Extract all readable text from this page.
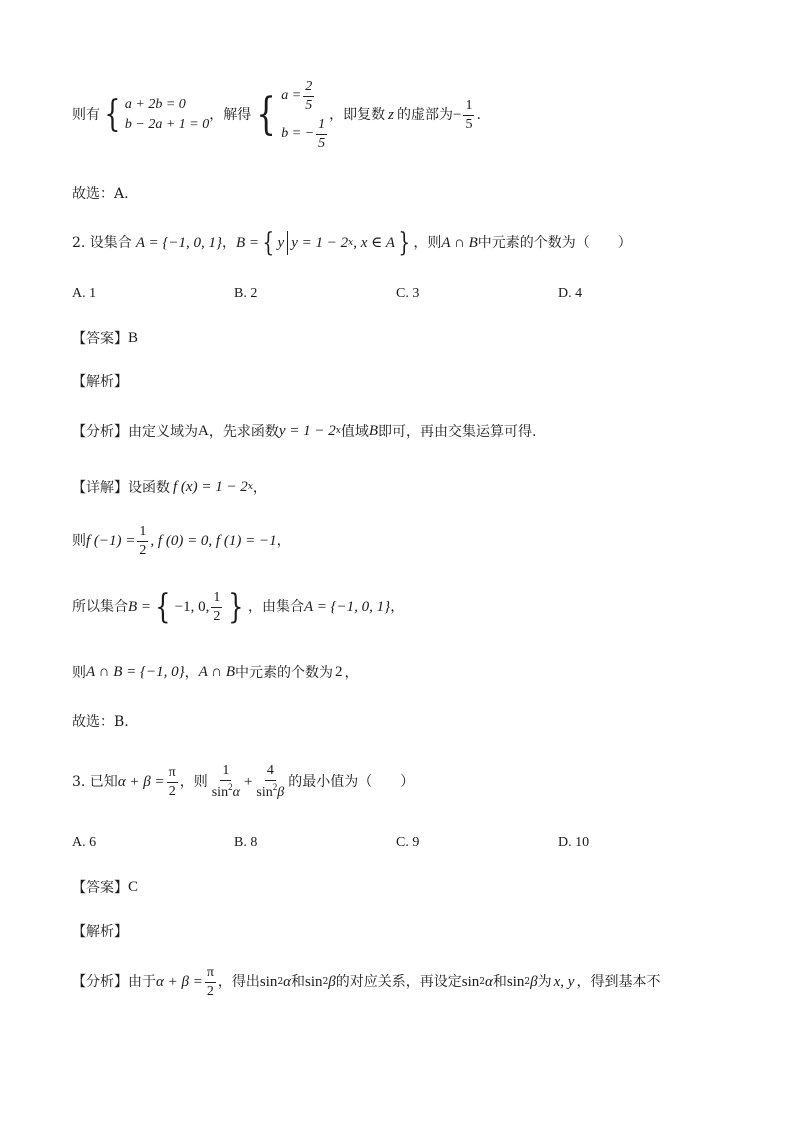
则有 { a + 2b = 0
b − 2a + 1 = 0
，解得 { $a = \frac{2}{5}$
b = − $\frac{1}{5}$
，即复数 z 的虚部为 − $\frac{1}{5}$ .
故选：A.
2. 设集合 A = {−1, 0, 1} ， B = { y y = 1 − 2 x , x ∈ A } ，则 A ∩ B 中元素的个数为（　　）
A. 1	B. 2	C. 3	D. 4
【答案】 B
【解析】
【分析】 由定义域为 A ，先求函数 y = 1 − 2 x 值域 B 即可，再由交集运算可得.
【详解】 设函数 f (x) = 1 − 2 x ，
则 f $(-1) = \frac{1}{2}$ , f (0) = 0, f (1) = −1 ，
所以集合 B = { −1, 0, $\frac{1}{2}$ } ，由集合 A = {−1, 0, 1} ，
则 A ∩ B = {−1, 0} ， A ∩ B 中元素的个数为 2 ，
故选：B.
3. 已知 $\alpha + \beta = \frac{\pi}{2}$ ，则 $\frac{1}{\sin^2\alpha} + \frac{4}{\sin^2\beta}$ 的最小值为（　　）
A. 6	B. 8	C. 9	D. 10
【答案】 C
【解析】
【分析】 由于 $\alpha + \beta = \frac{\pi}{2}$ ，得出 sin 2 α 和 sin 2 β 的对应关系，再设定 sin 2 α 和 sin 2 β 为 x, y ，得到基本不
